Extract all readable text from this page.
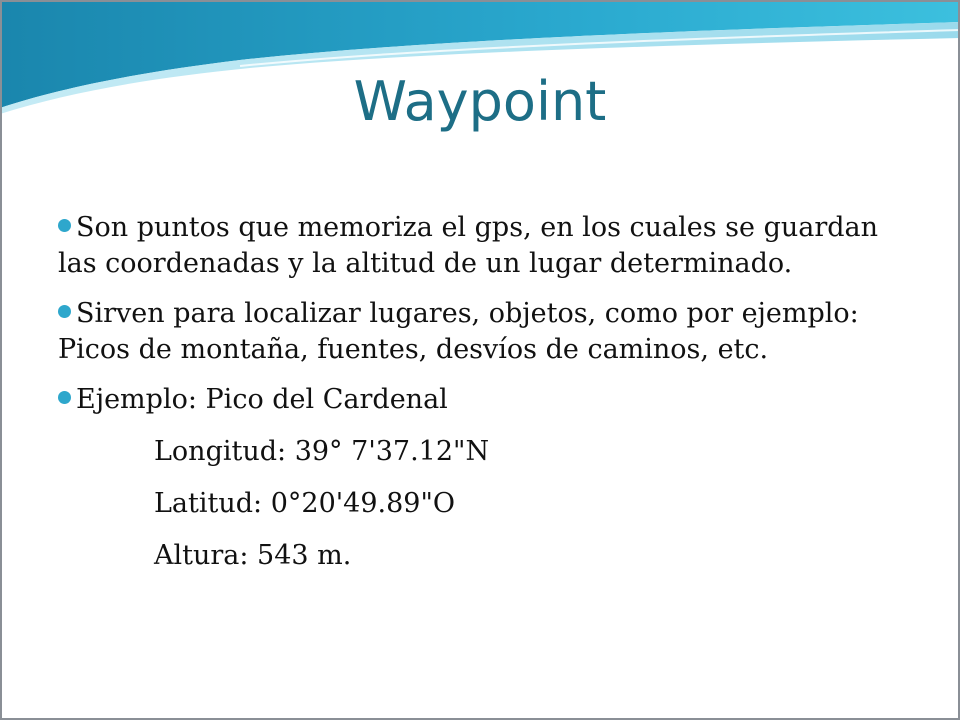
Waypoint
Son puntos que memoriza el gps, en los cuales se guardan las coordenadas y la altitud de un lugar determinado.
Sirven para localizar lugares, objetos, como por ejemplo: Picos de montaña, fuentes, desvíos de caminos, etc.
Ejemplo: Pico del Cardenal
Longitud: 39° 7'37.12"N
Latitud: 0°20'49.89"O
Altura: 543 m.
